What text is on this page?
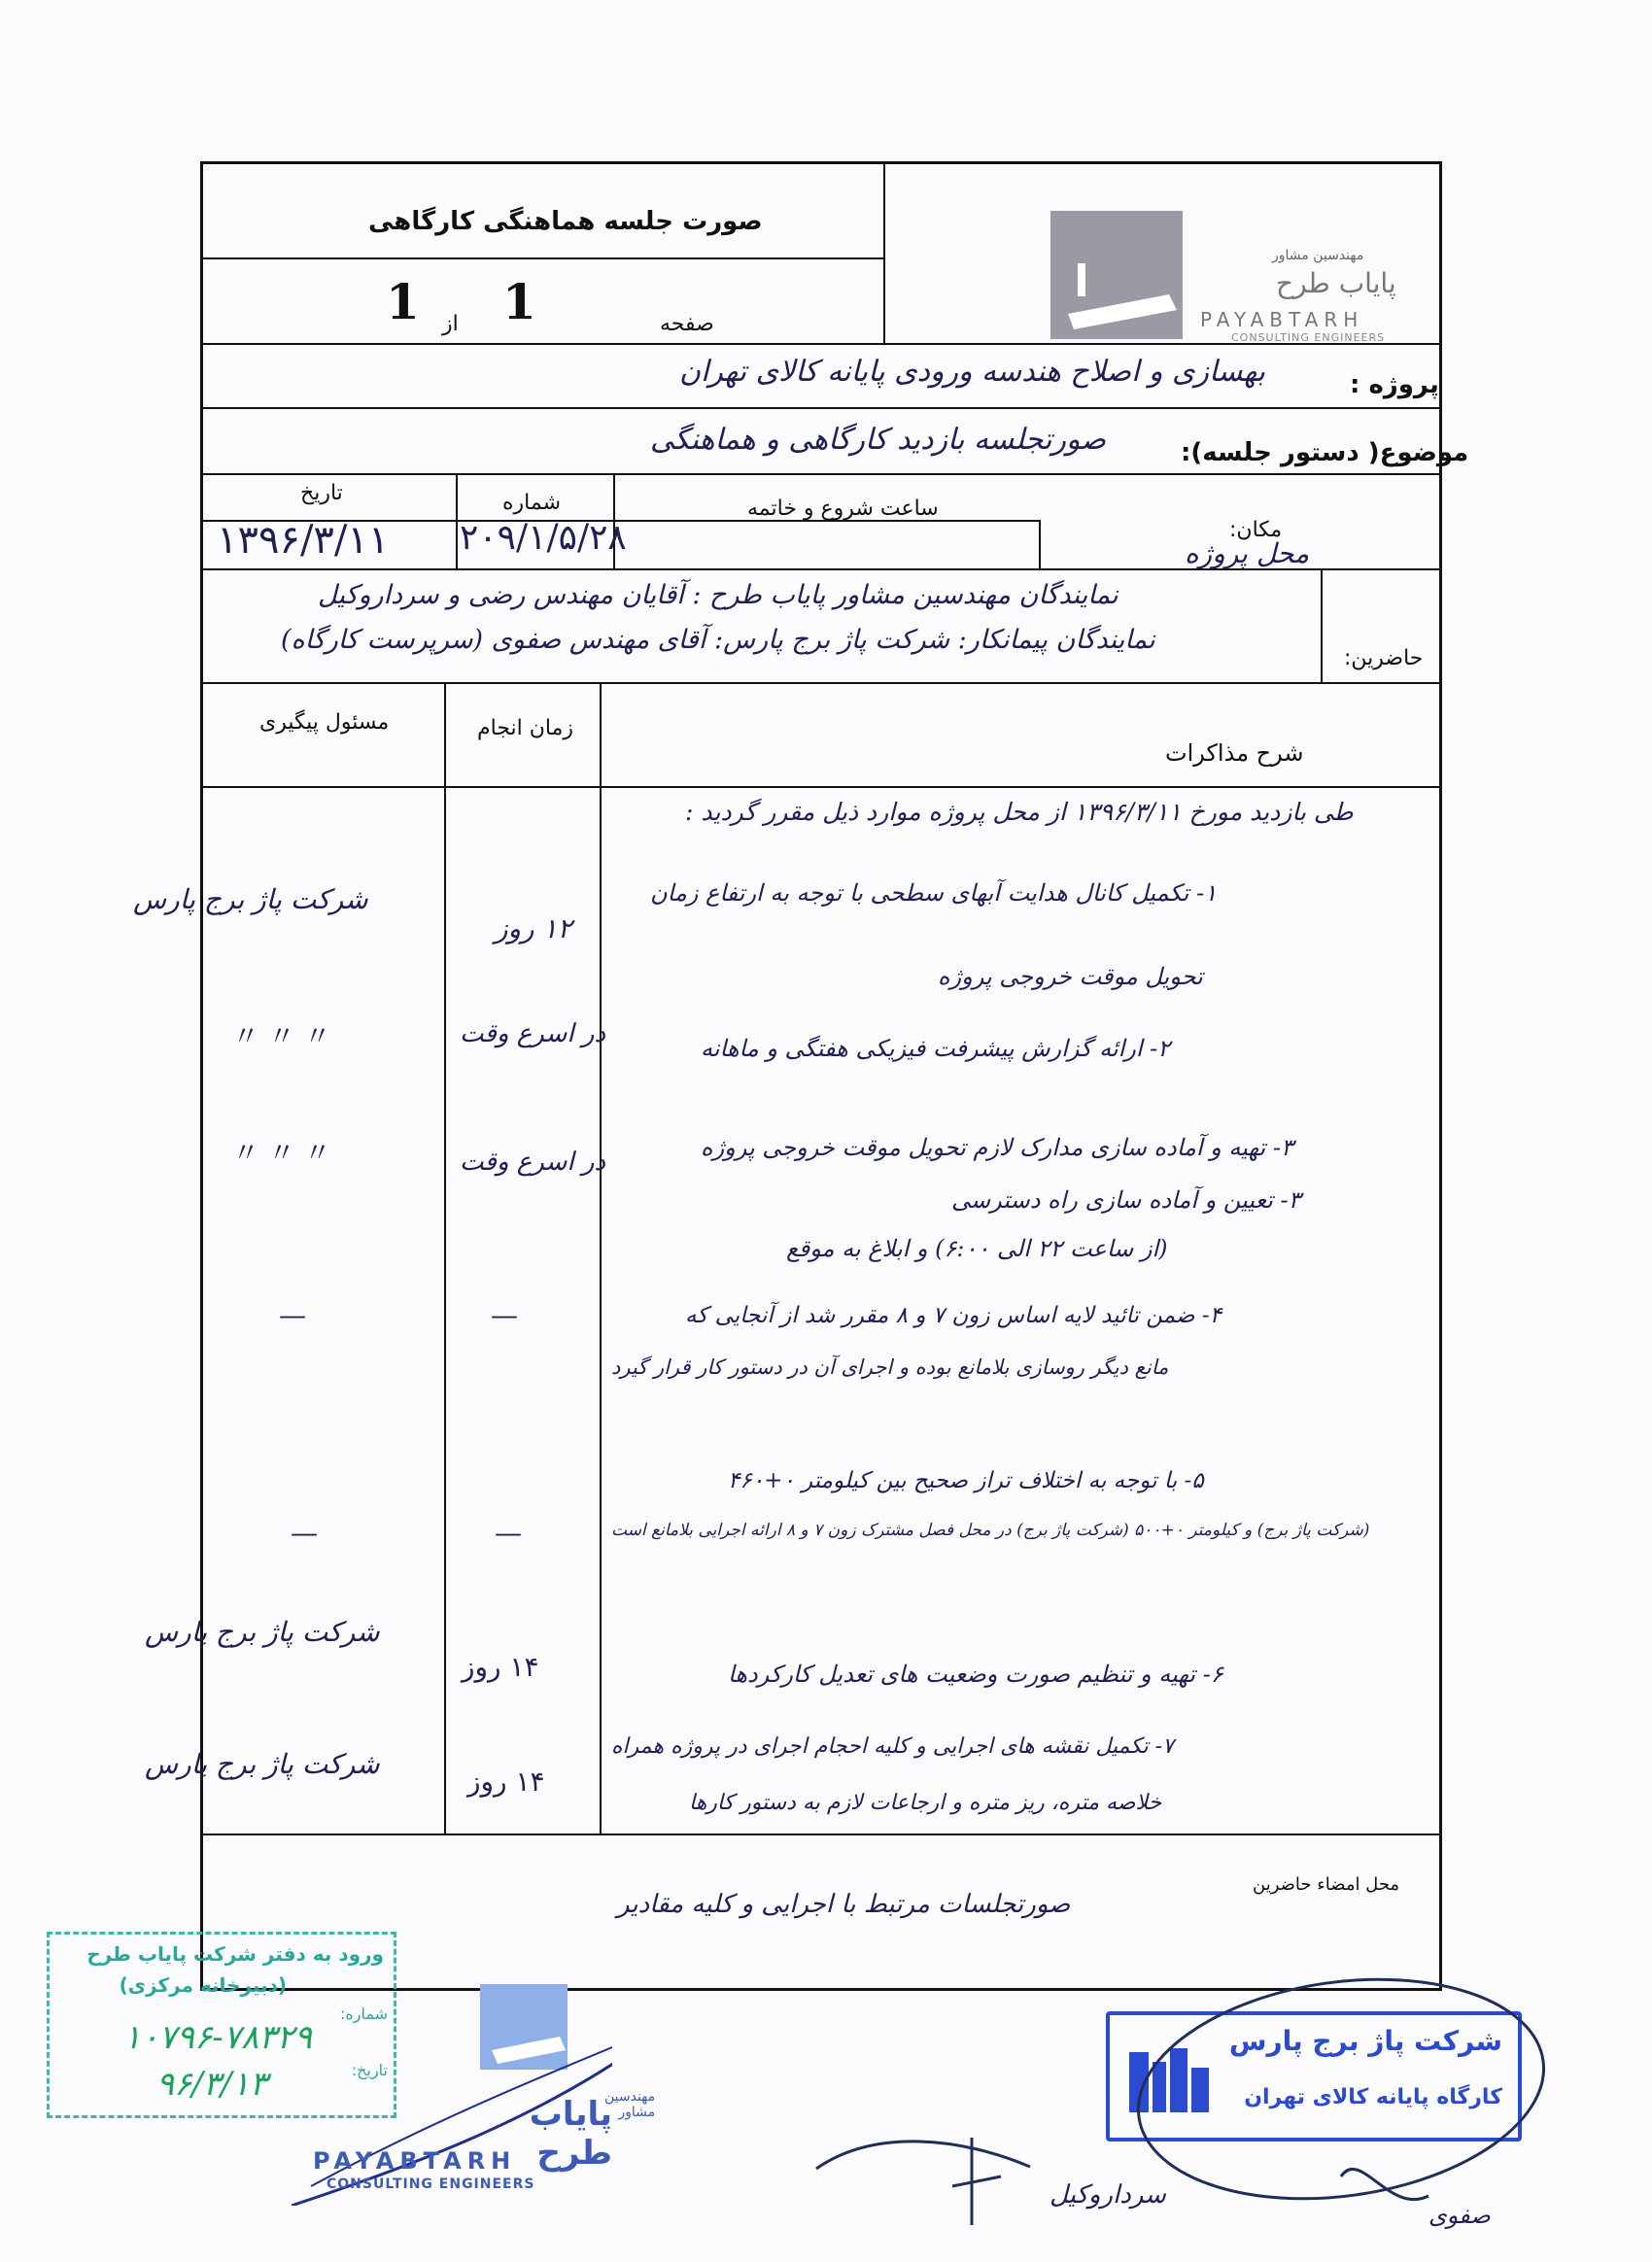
صورت جلسه هماهنگی کارگاهی
صفحه
1
از
1
مهندسین مشاور
پایاب طرح
PAYABTARH
CONSULTING ENGINEERS
پروژه :
بهسازی و اصلاح هندسه ورودی پایانه کالای تهران
موضوع( دستور جلسه):
صورتجلسه بازدید کارگاهی و هماهنگی
تاریخ
۱۳۹۶/۳/۱۱
شماره
۲۰۹/۱/۵/۲۸
ساعت شروع و خاتمه
مکان:
محل پروژه
حاضرین:
نمایندگان مهندسین مشاور پایاب طرح : آقایان مهندس رضی و سرداروکیل
نمایندگان پیمانکار: شرکت پاژ برج پارس: آقای مهندس صفوی (سرپرست کارگاه)
شرح مذاکرات
زمان انجام
مسئول پیگیری
طی بازدید مورخ ۱۳۹۶/۳/۱۱ از محل پروژه موارد ذیل مقرر گردید :
۱- تکمیل کانال هدایت آبهای سطحی با توجه به ارتفاع زمان
تحویل موقت خروجی پروژه
۱۲ روز
شرکت پاژ برج پارس
۲- ارائه گزارش پیشرفت فیزیکی هفتگی و ماهانه
در اسرع وقت
〃 〃 〃
۳- تهیه و آماده سازی مدارک لازم تحویل موقت خروجی پروژه
در اسرع وقت
〃 〃 〃
۳- تعیین و آماده سازی راه دسترسی
(از ساعت ۲۲ الی ۶:۰۰) و ابلاغ به موقع
۴- ضمن تائید لایه اساس زون ۷ و ۸ مقرر شد از آنجایی که
مانع دیگر روسازی بلامانع بوده و اجرای آن در دستور کار قرار گیرد
—
—
۵- با توجه به اختلاف تراز صحیح بین کیلومتر ۰+۴۶۰
(شرکت پاژ برج) و کیلومتر ۰+۵۰۰ (شرکت پاژ برج) در محل فصل مشترک زون ۷ و ۸ ارائه اجرایی بلامانع است
—
—
۶- تهیه و تنظیم صورت وضعیت های تعدیل کارکردها
۱۴ روز
شرکت پاژ برج پارس
۷- تکمیل نقشه های اجرایی و کلیه احجام اجرای در پروژه همراه
خلاصه متره، ریز متره و ارجاعات لازم به دستور کارها
۱۴ روز
شرکت پاژ برج پارس
محل امضاء حاضرین
صورتجلسات مرتبط با اجرایی و کلیه مقادیر
ورود به دفتر شرکت پایاب طرح
(دبیرخانه مرکزی)
شماره:
۱۰۷۹۶-۷۸۳۲۹
تاریخ:
۹۶/۳/۱۳	مهندسین مشاور
پایاب طرح
PAYABTARH
CONSULTING ENGINEERS
شرکت پاژ برج پارس
کارگاه پایانه کالای تهران
سرداروکیل
صفوی
